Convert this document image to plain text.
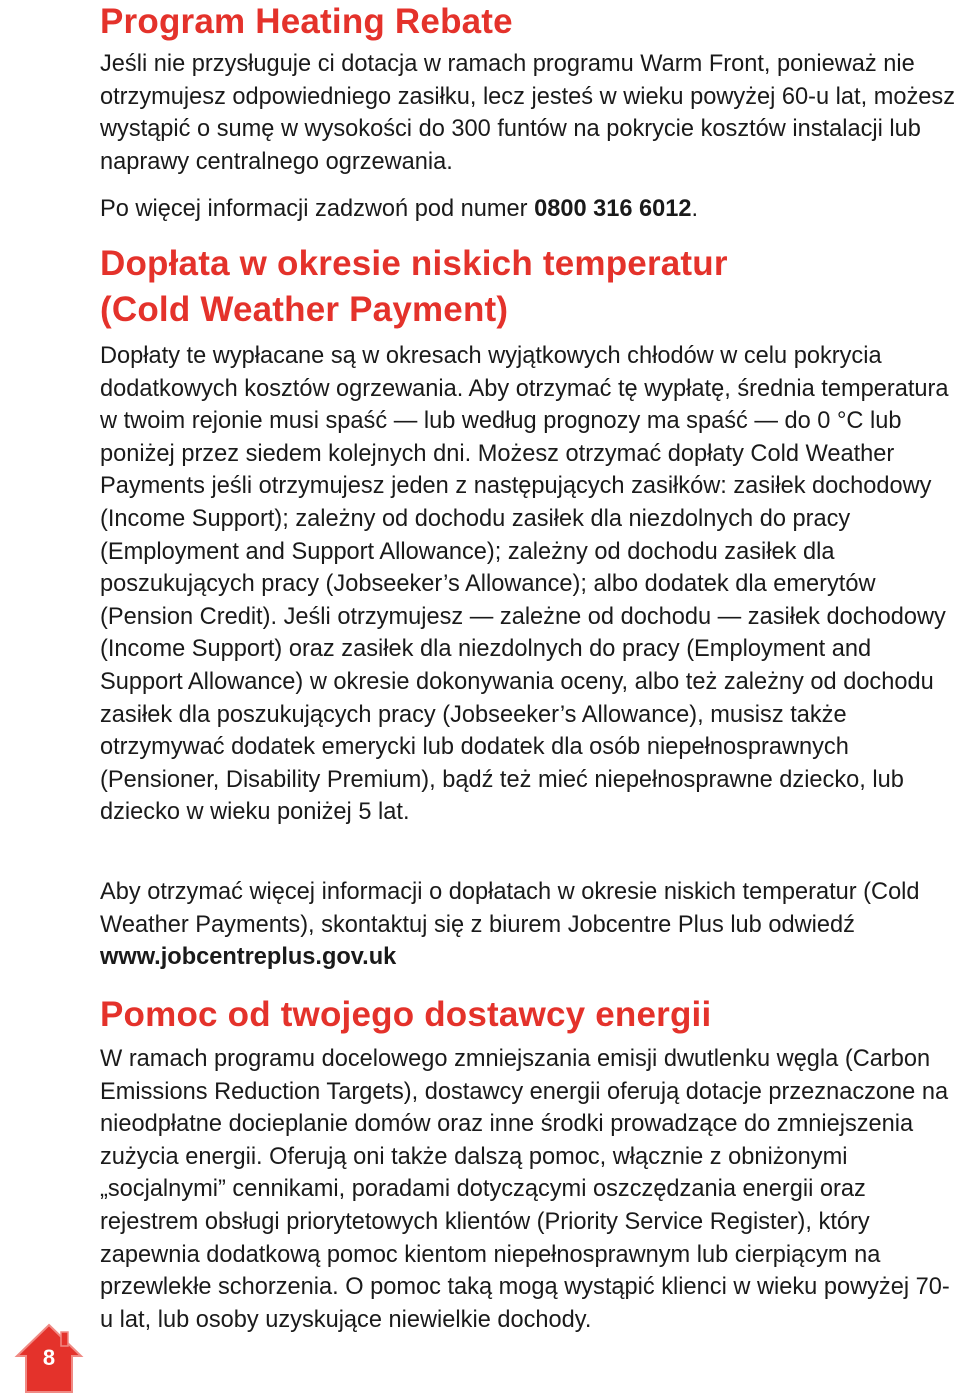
Program Heating Rebate

Jeśli nie przysługuje ci dotacja w ramach programu Warm Front, ponieważ nie otrzymujesz odpowiedniego zasiłku, lecz jesteś w wieku powyżej 60-u lat, możesz wystąpić o sumę w wysokości do 300 funtów na pokrycie kosztów instalacji lub naprawy centralnego ogrzewania.

Po więcej informacji zadzwoń pod numer 0800 316 6012.

Dopłata w okresie niskich temperatur
(Cold Weather Payment)

Dopłaty te wypłacane są w okresach wyjątkowych chłodów w celu pokrycia dodatkowych kosztów ogrzewania. Aby otrzymać tę wypłatę, średnia temperatura w twoim rejonie musi spaść — lub według prognozy ma spaść — do 0 °C lub poniżej przez siedem kolejnych dni. Możesz otrzymać dopłaty Cold Weather Payments jeśli otrzymujesz jeden z następujących zasiłków: zasiłek dochodowy (Income Support); zależny od dochodu zasiłek dla niezdolnych do pracy (Employment and Support Allowance); zależny od dochodu zasiłek dla poszukujących pracy (Jobseeker’s Allowance); albo dodatek dla emerytów (Pension Credit). Jeśli otrzymujesz — zależne od dochodu — zasiłek dochodowy (Income Support) oraz zasiłek dla niezdolnych do pracy (Employment and Support Allowance) w okresie dokonywania oceny, albo też zależny od dochodu zasiłek dla poszukujących pracy (Jobseeker’s Allowance), musisz także otrzymywać dodatek emerycki lub dodatek dla osób niepełnosprawnych (Pensioner, Disability Premium), bądź też mieć niepełnosprawne dziecko, lub dziecko w wieku poniżej 5 lat.

Aby otrzymać więcej informacji o dopłatach w okresie niskich temperatur (Cold Weather Payments), skontaktuj się z biurem Jobcentre Plus lub odwiedź www.jobcentreplus.gov.uk

Pomoc od twojego dostawcy energii

W ramach programu docelowego zmniejszania emisji dwutlenku węgla (Carbon Emissions Reduction Targets), dostawcy energii oferują dotacje przeznaczone na nieodpłatne docieplanie domów oraz inne środki prowadzące do zmniejszenia zużycia energii. Oferują oni także dalszą pomoc, włącznie z obniżonymi „socjalnymi” cennikami, poradami dotyczącymi oszczędzania energii oraz rejestrem obsługi priorytetowych klientów (Priority Service Register), który zapewnia dodatkową pomoc kientom niepełnosprawnym lub cierpiącym na przewlekłe schorzenia. O pomoc taką mogą wystąpić klienci w wieku powyżej 70-u lat, lub osoby uzyskujące niewielkie dochody.

8
